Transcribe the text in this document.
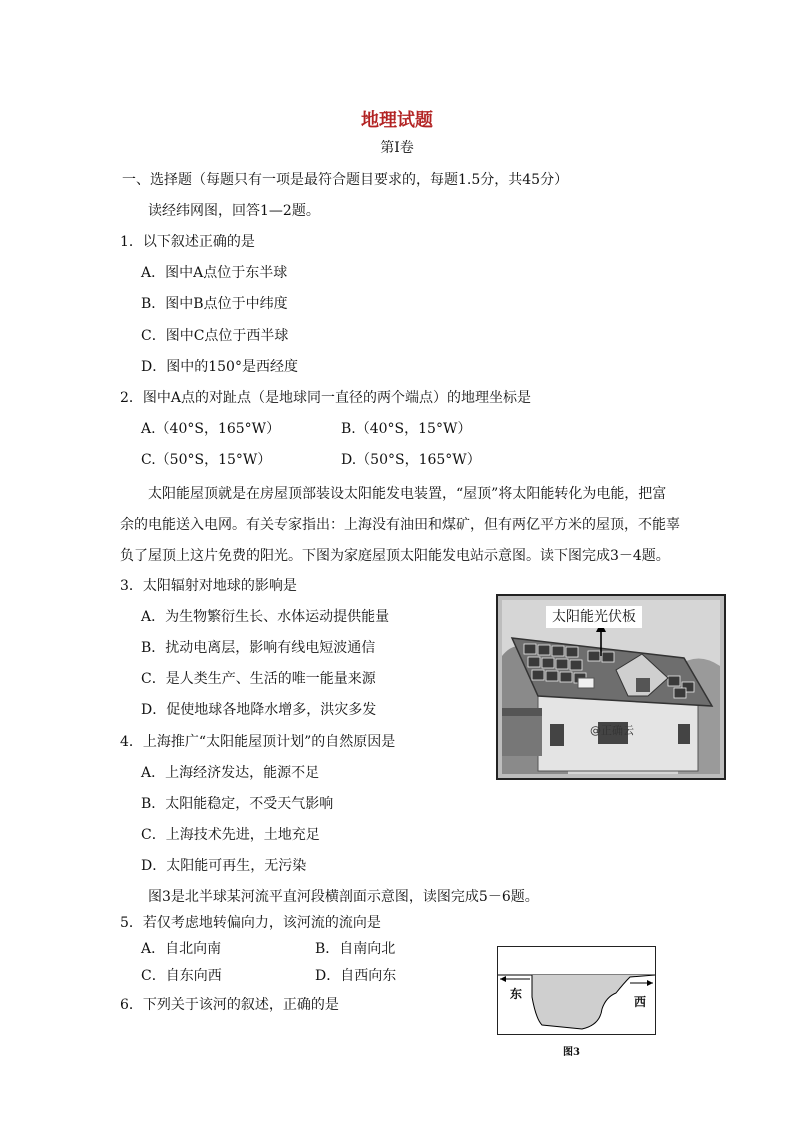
地理试题
第I卷
一、选择题（每题只有一项是最符合题目要求的，每题1.5分，共45分）
读经纬网图，回答1—2题。
1．以下叙述正确的是
A．图中A点位于东半球
B．图中B点位于中纬度
C．图中C点位于西半球
D．图中的150°是西经度
2．图中A点的对趾点（是地球同一直径的两个端点）的地理坐标是
A.（40°S，165°W）	B.（40°S，15°W）
C.（50°S，15°W）	D.（50°S，165°W）
太阳能屋顶就是在房屋顶部装设太阳能发电装置，“屋顶”将太阳能转化为电能，把富
余的电能送入电网。有关专家指出：上海没有油田和煤矿，但有两亿平方米的屋顶，不能辜
负了屋顶上这片免费的阳光。下图为家庭屋顶太阳能发电站示意图。读下图完成3－4题。
3．太阳辐射对地球的影响是
A．为生物繁衍生长、水体运动提供能量
B．扰动电离层，影响有线电短波通信
C．是人类生产、生活的唯一能量来源
D．促使地球各地降水增多，洪灾多发
4．上海推广“太阳能屋顶计划”的自然原因是
A．上海经济发达，能源不足
B．太阳能稳定，不受天气影响
C．上海技术先进，土地充足
D．太阳能可再生，无污染
图3是北半球某河流平直河段横剖面示意图，读图完成5－6题。
5．若仅考虑地转偏向力，该河流的流向是
A．自北向南	B．自南向北
C．自东向西	D．自西向东
6．下列关于该河的叙述，正确的是
太阳能光伏板
@正确云
东
西
图3
